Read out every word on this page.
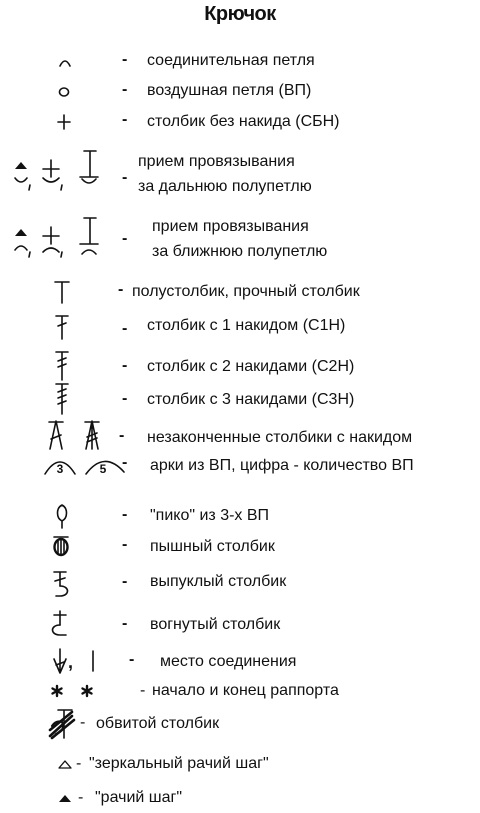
Крючок
- соединительная петля
- воздушная петля (ВП)
- столбик без накида (СБН)
-
прием провязывания
за дальнюю полупетлю
-
прием провязывания
за ближнюю полупетлю
- полустолбик, прочный столбик
- столбик с 1 накидом (С1Н)
- столбик с 2 накидами (С2Н)
- столбик с 3 накидами (С3Н)
- незаконченные столбики с накидом
3	5 - арки из ВП, цифра - количество ВП
- "пико" из 3-х ВП
- пышный столбик
- выпуклый столбик
- вогнутый столбик
,	- место соединения
- начало и конец раппорта
- обвитой столбик
- "зеркальный рачий шаг"
- "рачий шаг"
